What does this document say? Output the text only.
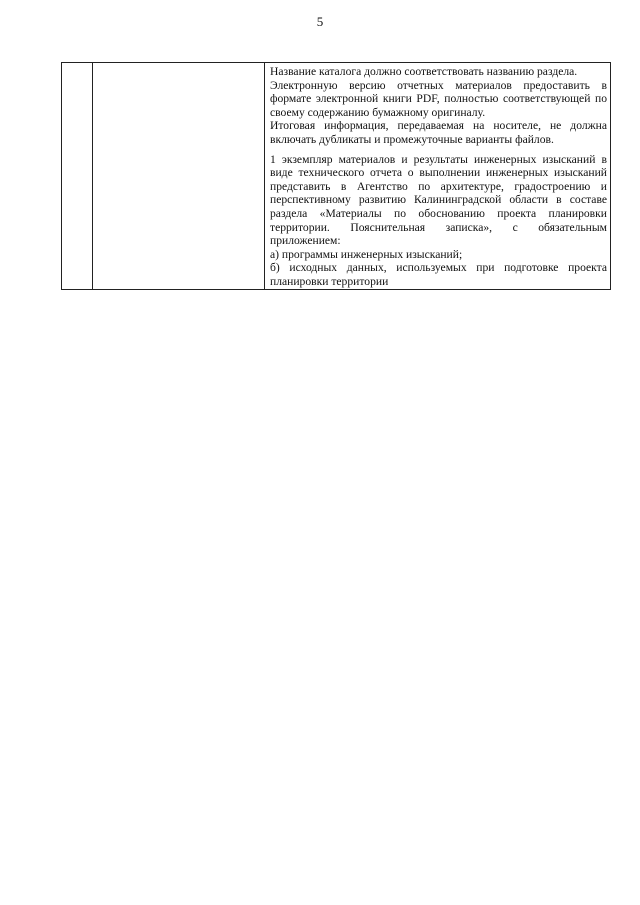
5

Название каталога должно соответствовать названию раздела.

Электронную версию отчетных материалов предоставить в формате электронной книги PDF, полностью соответствующей по своему содержанию бумажному оригиналу.

Итоговая информация, передаваемая на носителе, не должна включать дубликаты и промежуточные варианты файлов.

1 экземпляр материалов и результаты инженерных изысканий в виде технического отчета о выполнении инженерных изысканий представить в Агентство по архитектуре, градостроению и перспективному развитию Калининградской области в составе раздела «Материалы по обоснованию проекта планировки территории. Пояснительная записка», с обязательным приложением:

а) программы инженерных изысканий;

б) исходных данных, используемых при подготовке проекта планировки территории
